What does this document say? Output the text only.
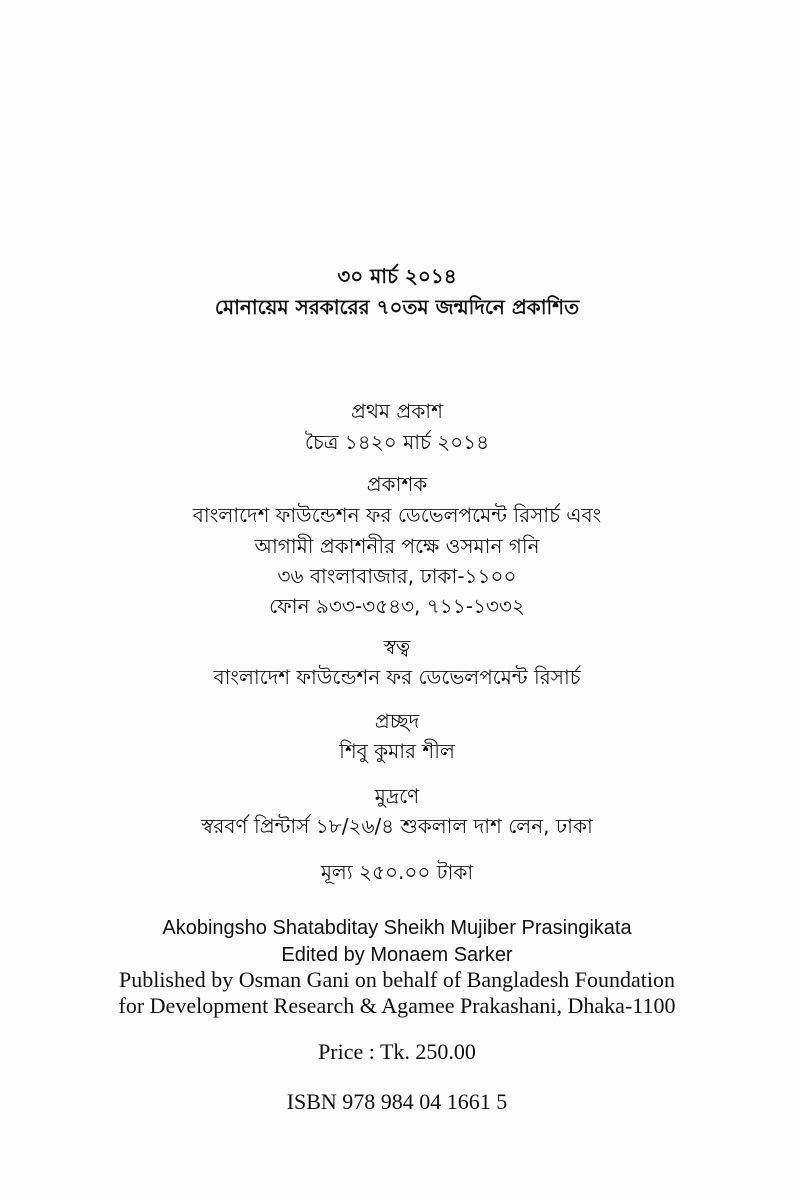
৩০ মার্চ ২০১৪
মোনায়েম সরকারের ৭০তম জন্মদিনে প্রকাশিত
প্রথম প্রকাশ
চৈত্র ১৪২০ মার্চ ২০১৪
প্রকাশক
বাংলাদেশ ফাউন্ডেশন ফর ডেভেলপমেন্ট রিসার্চ এবং
আগামী প্রকাশনীর পক্ষে ওসমান গনি
৩৬ বাংলাবাজার, ঢাকা-১১০০
ফোন ৯৩৩-৩৫৪৩, ৭১১-১৩৩২
স্বত্ব
বাংলাদেশ ফাউন্ডেশন ফর ডেভেলপমেন্ট রিসার্চ
প্রচ্ছদ
শিবু কুমার শীল
মুদ্রণে
স্বরবর্ণ প্রিন্টার্স ১৮/২৬/৪ শুকলাল দাশ লেন, ঢাকা
মূল্য ২৫০.০০ টাকা
Akobingsho Shatabditay Sheikh Mujiber Prasingikata
Edited by Monaem Sarker
Published by Osman Gani on behalf of Bangladesh Foundation
for Development Research & Agamee Prakashani, Dhaka-1100
Price : Tk. 250.00
ISBN 978 984 04 1661 5
